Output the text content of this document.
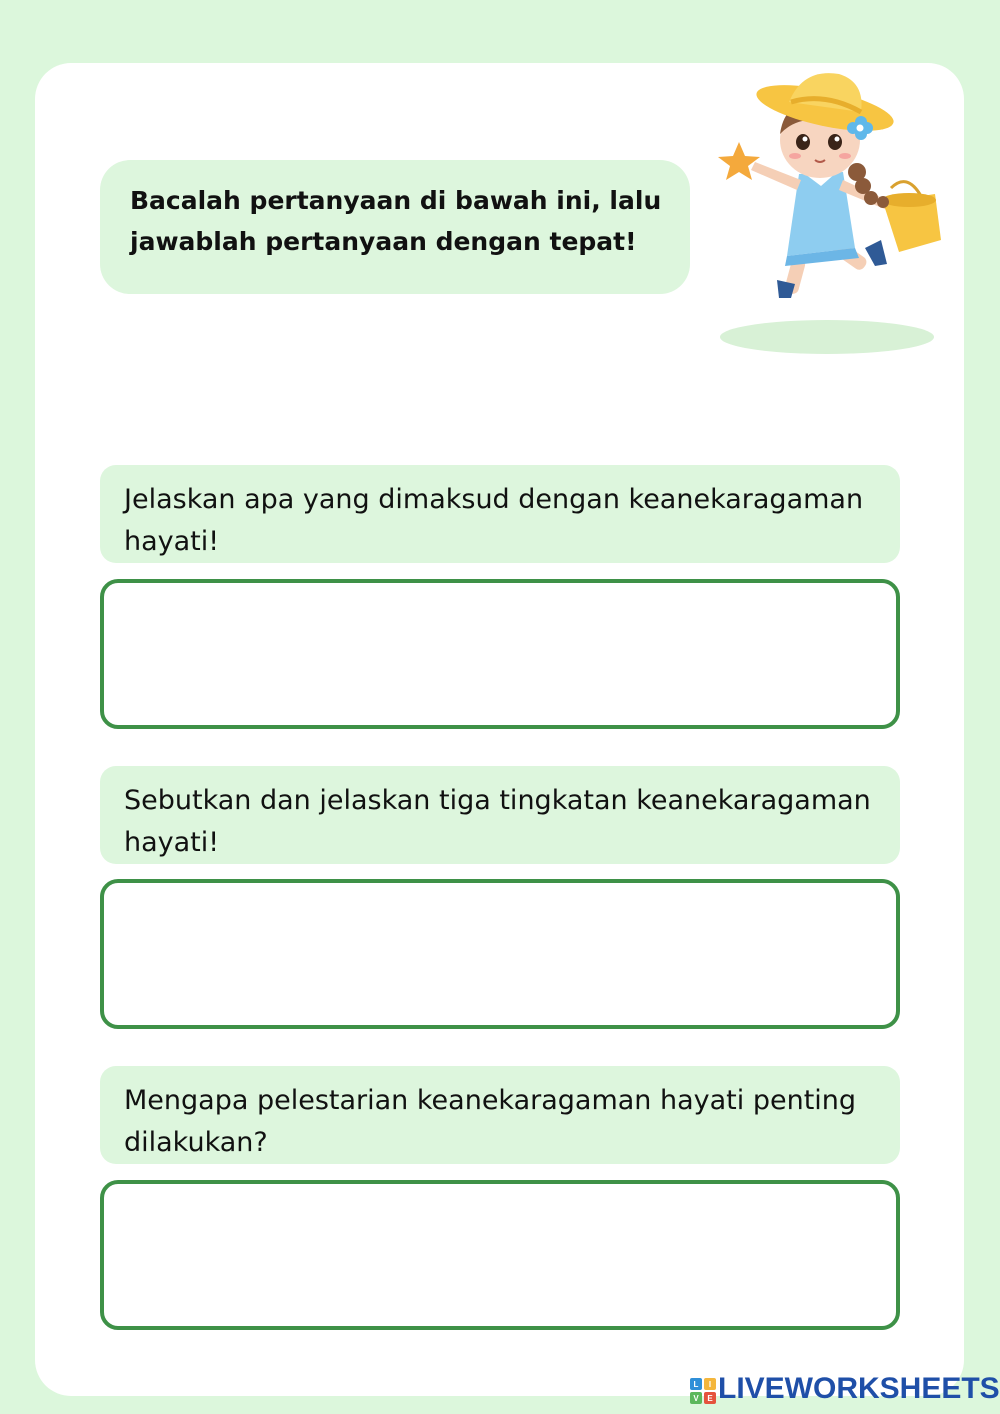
Bacalah pertanyaan di bawah ini, lalu jawablah pertanyaan dengan tepat!
Jelaskan apa yang dimaksud dengan keanekaragaman hayati!
Sebutkan dan jelaskan tiga tingkatan keanekaragaman hayati!
Mengapa pelestarian keanekaragaman hayati penting dilakukan?
L I
V E LIVEWORKSHEETS
